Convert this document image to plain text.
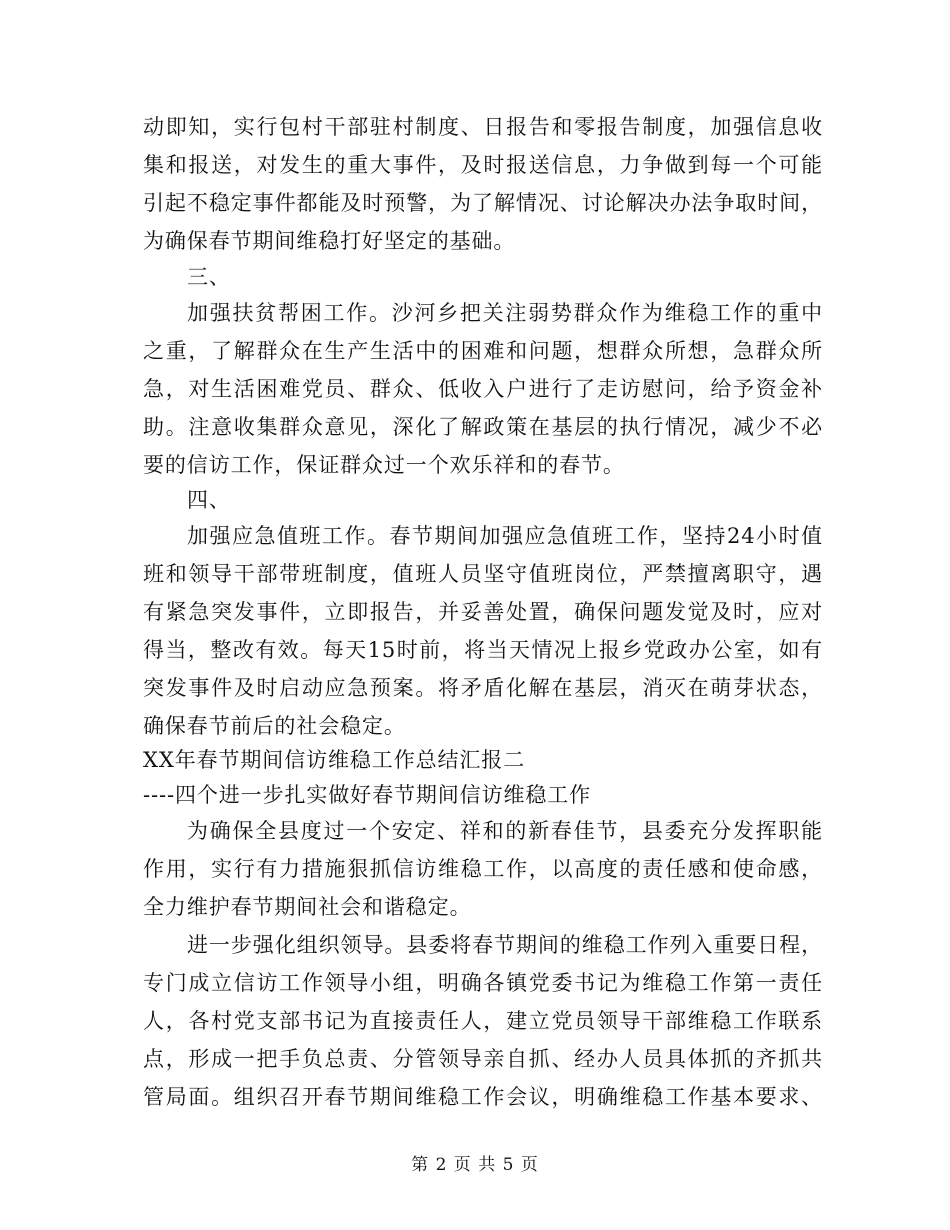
动即知，实行包村干部驻村制度、日报告和零报告制度，加强信息收
集和报送，对发生的重大事件，及时报送信息，力争做到每一个可能
引起不稳定事件都能及时预警，为了解情况、讨论解决办法争取时间，
为确保春节期间维稳打好坚定的基础。
三、
加强扶贫帮困工作。沙河乡把关注弱势群众作为维稳工作的重中
之重，了解群众在生产生活中的困难和问题，想群众所想，急群众所
急，对生活困难党员、群众、低收入户进行了走访慰问，给予资金补
助。注意收集群众意见，深化了解政策在基层的执行情况，减少不必
要的信访工作，保证群众过一个欢乐祥和的春节。
四、
加强应急值班工作。春节期间加强应急值班工作，坚持24小时值
班和领导干部带班制度，值班人员坚守值班岗位，严禁擅离职守，遇
有紧急突发事件，立即报告，并妥善处置，确保问题发觉及时，应对
得当，整改有效。每天15时前，将当天情况上报乡党政办公室，如有
突发事件及时启动应急预案。将矛盾化解在基层，消灭在萌芽状态，
确保春节前后的社会稳定。
XX年春节期间信访维稳工作总结汇报二
----四个进一步扎实做好春节期间信访维稳工作
为确保全县度过一个安定、祥和的新春佳节，县委充分发挥职能
作用，实行有力措施狠抓信访维稳工作，以高度的责任感和使命感，
全力维护春节期间社会和谐稳定。
进一步强化组织领导。县委将春节期间的维稳工作列入重要日程，
专门成立信访工作领导小组，明确各镇党委书记为维稳工作第一责任
人，各村党支部书记为直接责任人，建立党员领导干部维稳工作联系
点，形成一把手负总责、分管领导亲自抓、经办人员具体抓的齐抓共
管局面。组织召开春节期间维稳工作会议，明确维稳工作基本要求、
第 2 页 共 5 页
